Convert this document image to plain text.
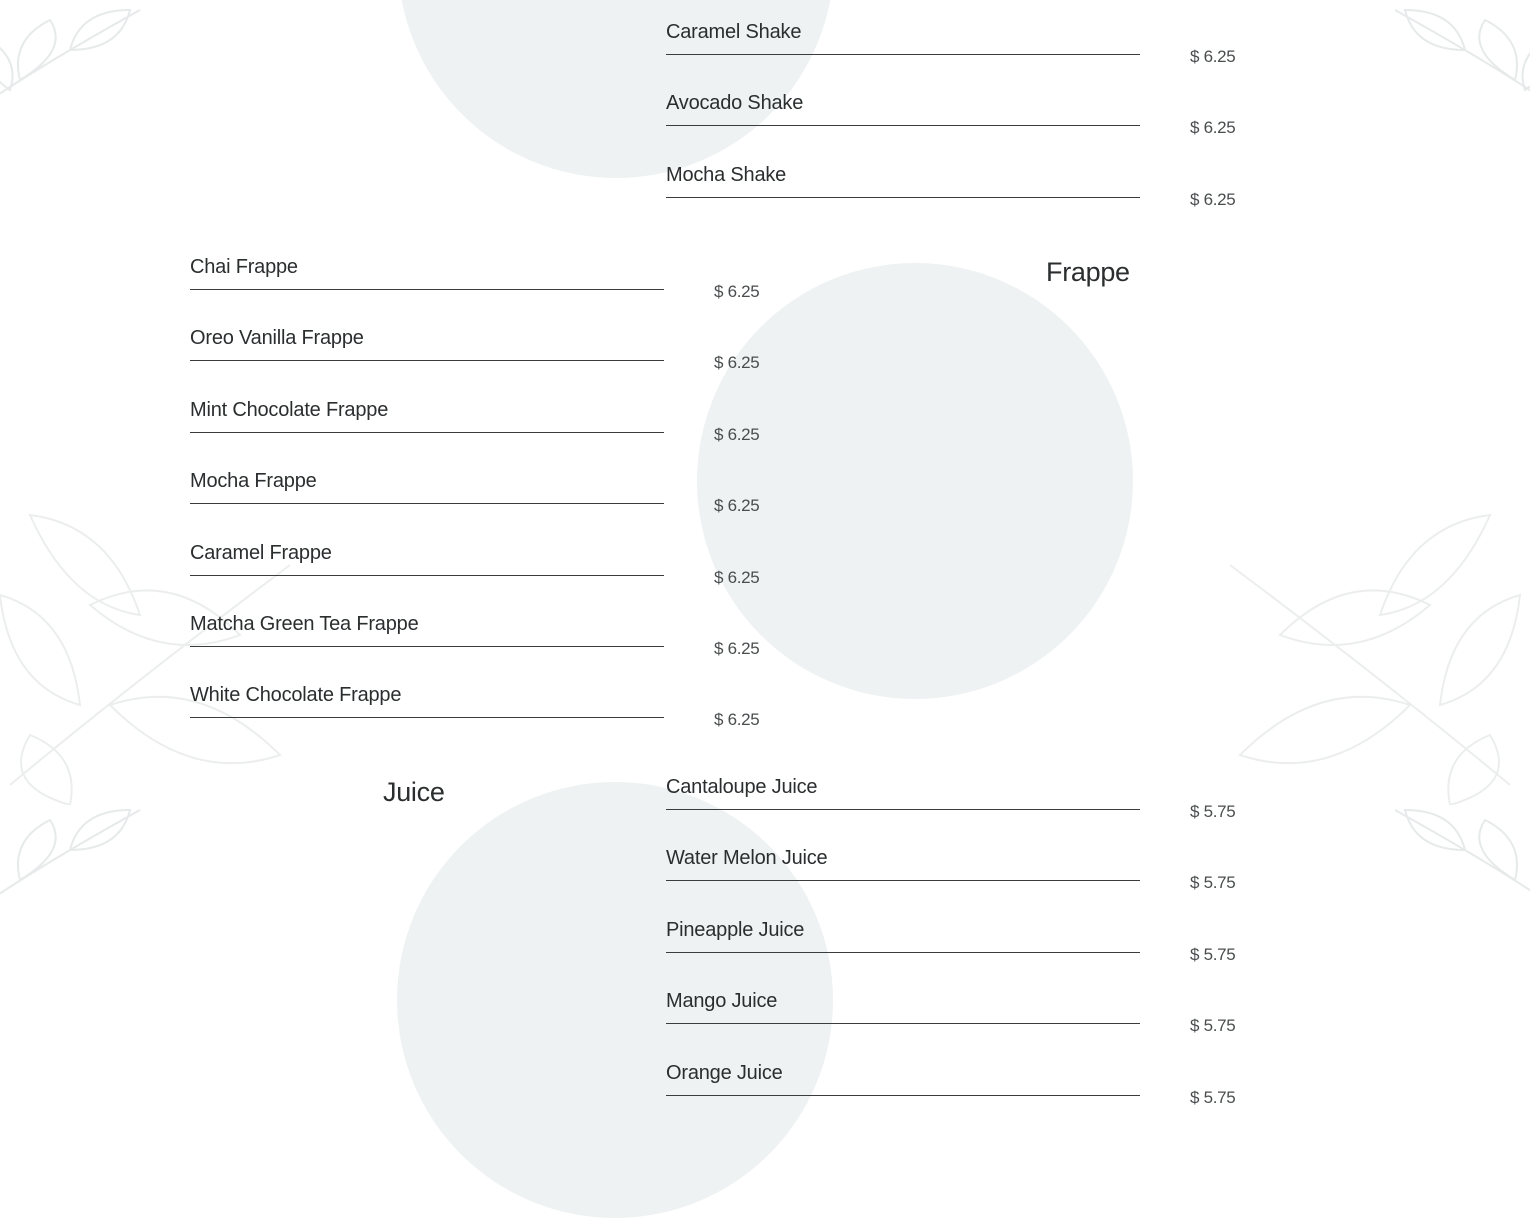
Caramel Shake
$ 6.25
Avocado Shake
$ 6.25
Mocha Shake
$ 6.25
Frappe
Chai Frappe
$ 6.25
Oreo Vanilla Frappe
$ 6.25
Mint Chocolate Frappe
$ 6.25
Mocha Frappe
$ 6.25
Caramel Frappe
$ 6.25
Matcha Green Tea Frappe
$ 6.25
White Chocolate Frappe
$ 6.25
Juice	Cantaloupe Juice
$ 5.75
Water Melon Juice
$ 5.75
Pineapple Juice
$ 5.75
Mango Juice
$ 5.75
Orange Juice
$ 5.75
